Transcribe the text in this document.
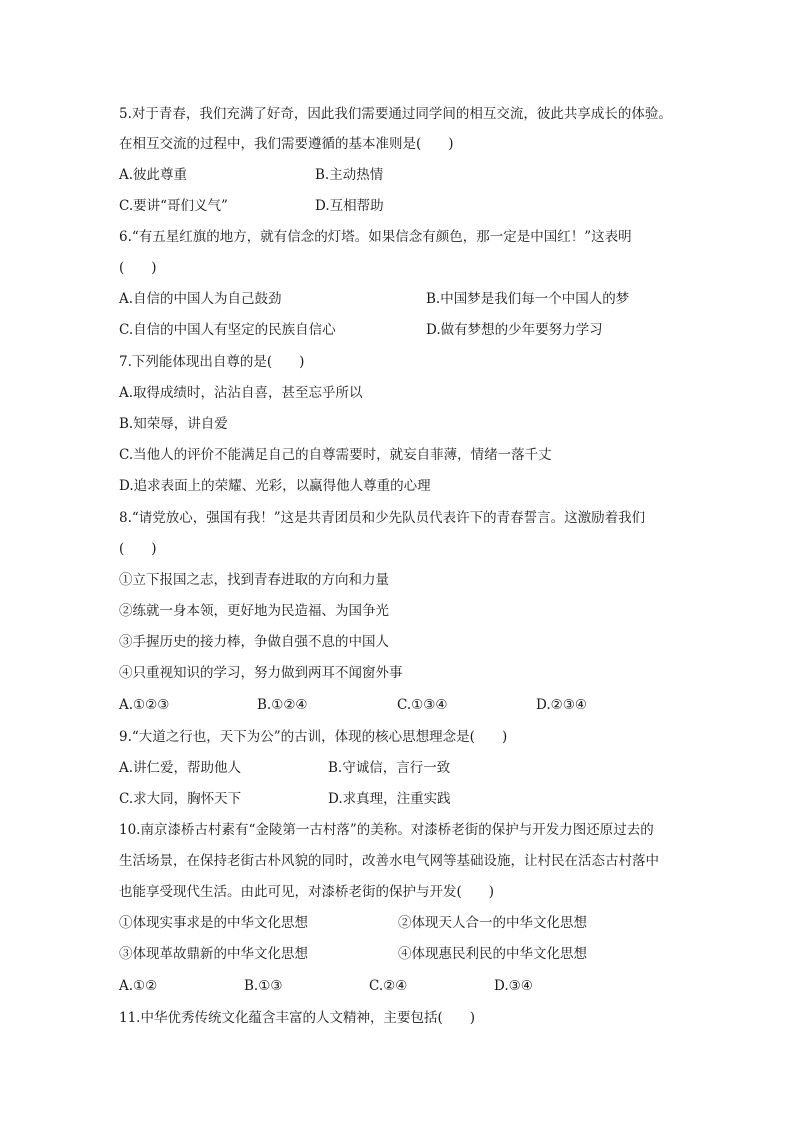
5.对于青春，我们充满了好奇，因此我们需要通过同学间的相互交流，彼此共享成长的体验。
在相互交流的过程中，我们需要遵循的基本准则是(　　)
A.彼此尊重	B.主动热情
C.要讲“哥们义气”	D.互相帮助
6.“有五星红旗的地方，就有信念的灯塔。如果信念有颜色，那一定是中国红！”这表明
(　　)
A.自信的中国人为自己鼓劲	B.中国梦是我们每一个中国人的梦
C.自信的中国人有坚定的民族自信心	D.做有梦想的少年要努力学习
7.下列能体现出自尊的是(　　)
A.取得成绩时，沾沾自喜，甚至忘乎所以
B.知荣辱，讲自爱
C.当他人的评价不能满足自己的自尊需要时，就妄自菲薄，情绪一落千丈
D.追求表面上的荣耀、光彩，以赢得他人尊重的心理
8.“请党放心，强国有我！”这是共青团员和少先队员代表许下的青春誓言。这激励着我们
(　　)
①立下报国之志，找到青春进取的方向和力量
②练就一身本领，更好地为民造福、为国争光
③手握历史的接力棒，争做自强不息的中国人
④只重视知识的学习，努力做到两耳不闻窗外事
A.①②③	B.①②④	C.①③④	D.②③④
9.“大道之行也，天下为公”的古训，体现的核心思想理念是(　　)
A.讲仁爱，帮助他人	B.守诚信，言行一致
C.求大同，胸怀天下	D.求真理，注重实践
10.南京漆桥古村素有“金陵第一古村落”的美称。对漆桥老街的保护与开发力图还原过去的
生活场景，在保持老街古朴风貌的同时，改善水电气网等基础设施，让村民在活态古村落中
也能享受现代生活。由此可见，对漆桥老街的保护与开发(　　)
①体现实事求是的中华文化思想	②体现天人合一的中华文化思想
③体现革故鼎新的中华文化思想	④体现惠民利民的中华文化思想
A.①②	B.①③	C.②④	D.③④
11.中华优秀传统文化蕴含丰富的人文精神，主要包括(　　)
